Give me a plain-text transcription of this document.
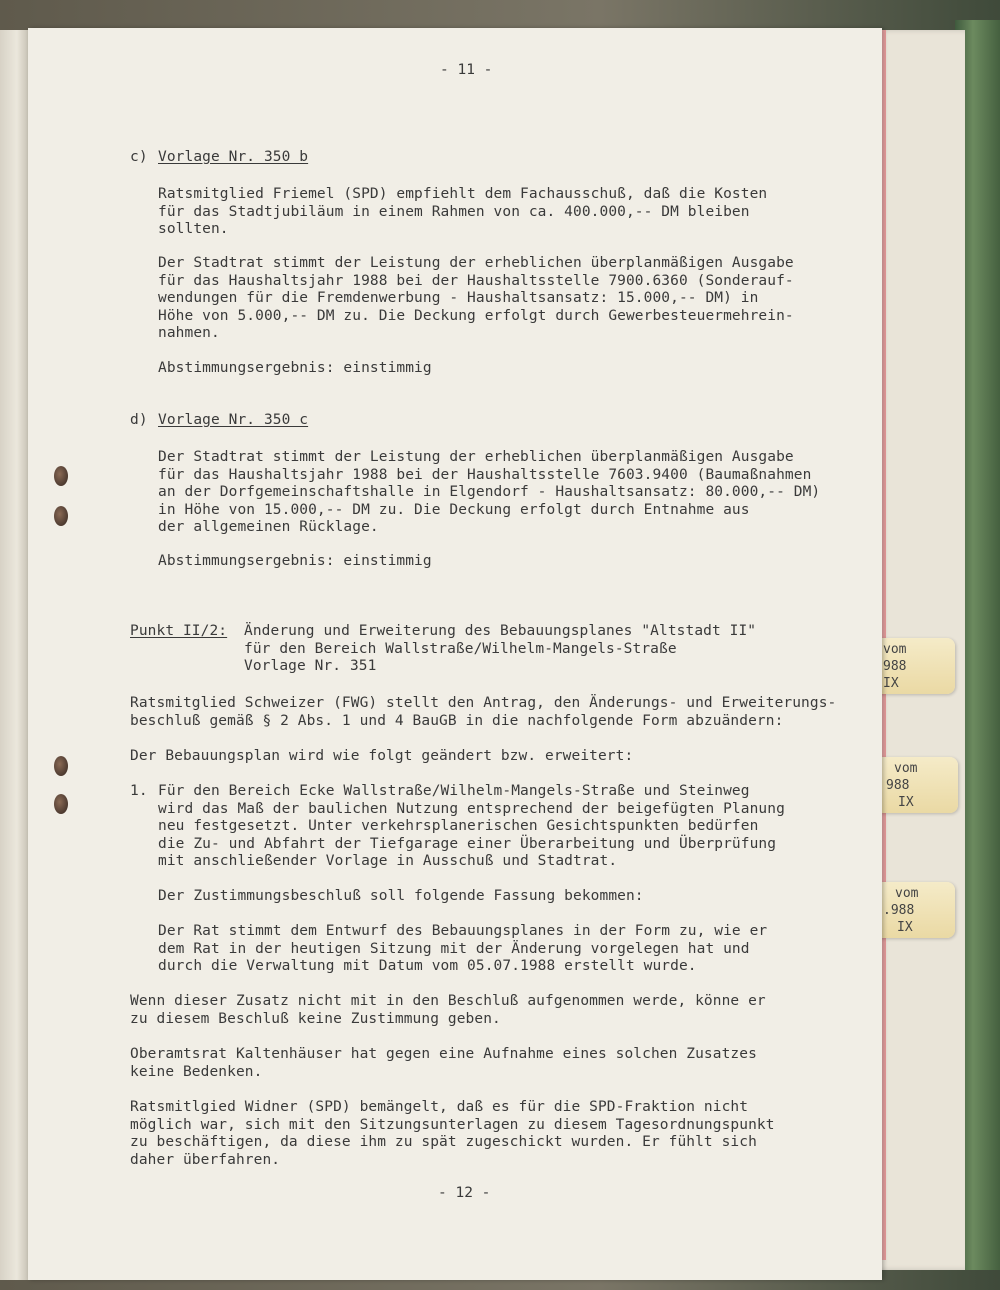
vom
988
IX
vom
988
IX
vom
.988
IX
- 11 -
c) Vorlage Nr. 350 b
Ratsmitglied Friemel (SPD) empfiehlt dem Fachausschuß, daß die Kosten
für das Stadtjubiläum in einem Rahmen von ca. 400.000,-- DM bleiben
sollten.
Der Stadtrat stimmt der Leistung der erheblichen überplanmäßigen Ausgabe
für das Haushaltsjahr 1988 bei der Haushaltsstelle 7900.6360 (Sonderauf-
wendungen für die Fremdenwerbung - Haushaltsansatz: 15.000,-- DM) in
Höhe von 5.000,-- DM zu. Die Deckung erfolgt durch Gewerbesteuermehrein-
nahmen.
Abstimmungsergebnis: einstimmig
d) Vorlage Nr. 350 c
Der Stadtrat stimmt der Leistung der erheblichen überplanmäßigen Ausgabe
für das Haushaltsjahr 1988 bei der Haushaltsstelle 7603.9400 (Baumaßnahmen
an der Dorfgemeinschaftshalle in Elgendorf - Haushaltsansatz: 80.000,-- DM)
in Höhe von 15.000,-- DM zu. Die Deckung erfolgt durch Entnahme aus
der allgemeinen Rücklage.
Abstimmungsergebnis: einstimmig
Punkt II/2: Änderung und Erweiterung des Bebauungsplanes "Altstadt II"
für den Bereich Wallstraße/Wilhelm-Mangels-Straße
Vorlage Nr. 351
Ratsmitglied Schweizer (FWG) stellt den Antrag, den Änderungs- und Erweiterungs-
beschluß gemäß § 2 Abs. 1 und 4 BauGB in die nachfolgende Form abzuändern:
Der Bebauungsplan wird wie folgt geändert bzw. erweitert:
1. Für den Bereich Ecke Wallstraße/Wilhelm-Mangels-Straße und Steinweg
wird das Maß der baulichen Nutzung entsprechend der beigefügten Planung
neu festgesetzt. Unter verkehrsplanerischen Gesichtspunkten bedürfen
die Zu- und Abfahrt der Tiefgarage einer Überarbeitung und Überprüfung
mit anschließender Vorlage in Ausschuß und Stadtrat.
Der Zustimmungsbeschluß soll folgende Fassung bekommen:
Der Rat stimmt dem Entwurf des Bebauungsplanes in der Form zu, wie er
dem Rat in der heutigen Sitzung mit der Änderung vorgelegen hat und
durch die Verwaltung mit Datum vom 05.07.1988 erstellt wurde.
Wenn dieser Zusatz nicht mit in den Beschluß aufgenommen werde, könne er
zu diesem Beschluß keine Zustimmung geben.
Oberamtsrat Kaltenhäuser hat gegen eine Aufnahme eines solchen Zusatzes
keine Bedenken.
Ratsmitlgied Widner (SPD) bemängelt, daß es für die SPD-Fraktion nicht
möglich war, sich mit den Sitzungsunterlagen zu diesem Tagesordnungspunkt
zu beschäftigen, da diese ihm zu spät zugeschickt wurden. Er fühlt sich
daher überfahren.
- 12 -
